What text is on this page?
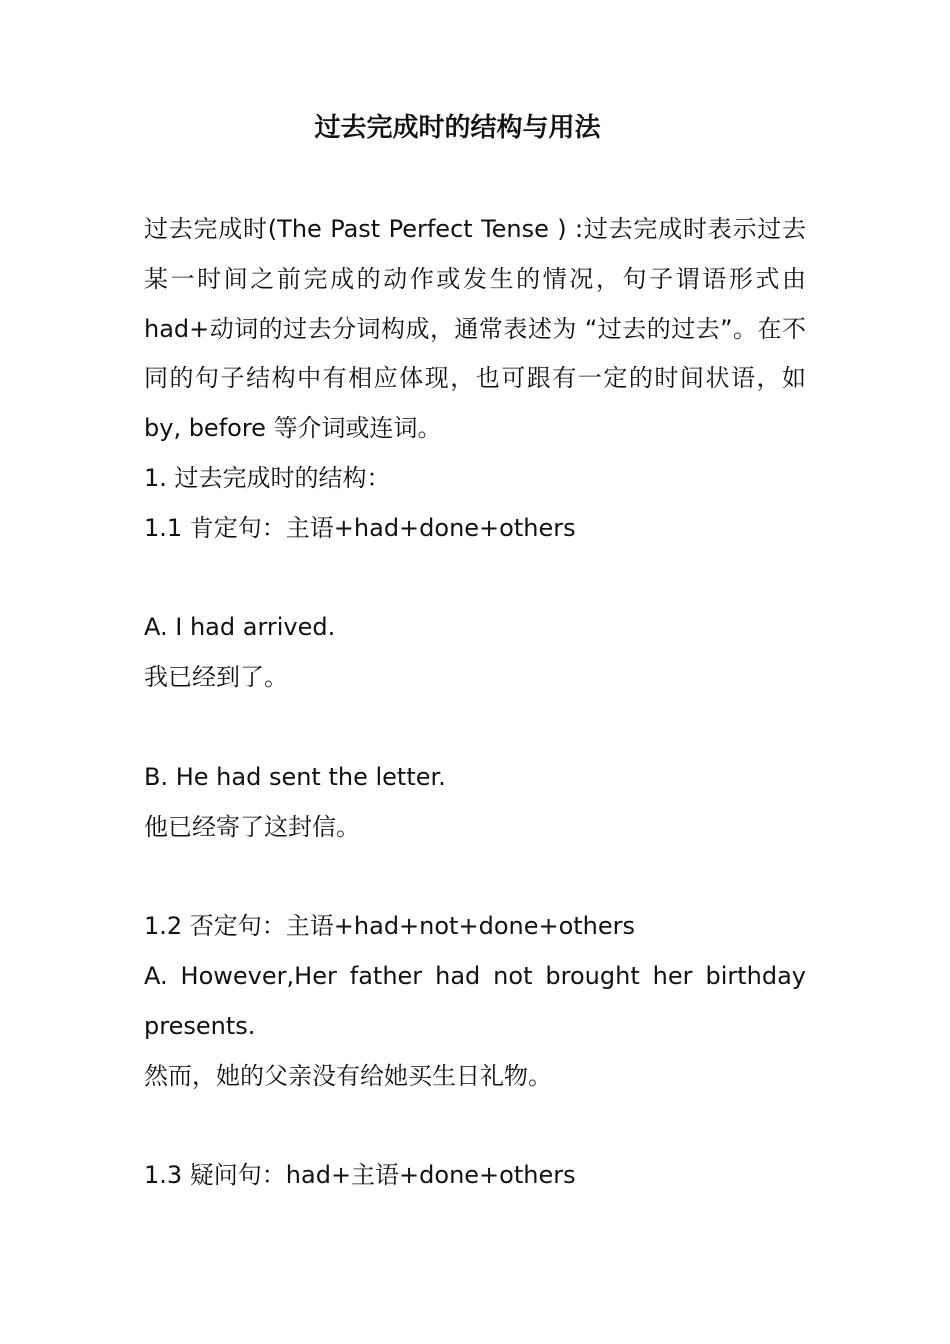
过去完成时的结构与用法

过去完成时(The Past Perfect Tense ) :过去完成时表示过去某一时间之前完成的动作或发生的情况，句子谓语形式由had+动词的过去分词构成，通常表述为 “过去的过去”。在不同的句子结构中有相应体现，也可跟有一定的时间状语，如 by, before 等介词或连词。

1. 过去完成时的结构：

1.1 肯定句：主语+had+done+others

A. I had arrived.

我已经到了。

B. He had sent the letter.

他已经寄了这封信。

1.2 否定句：主语+had+not+done+others

A. However,Her father had not brought her birthday presents.

然而，她的父亲没有给她买生日礼物。

1.3 疑问句：had+主语+done+others
